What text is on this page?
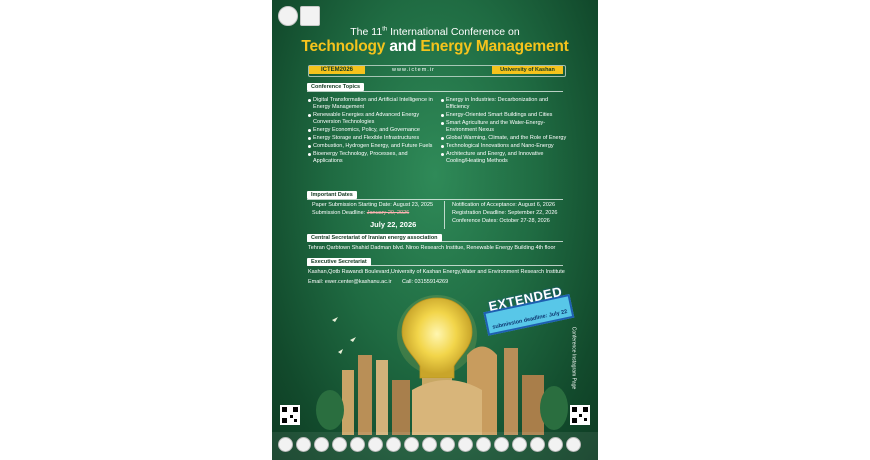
The 11th International Conference on
Technology and Energy Management
ICTEM2026	www.ictem.ir	University of Kashan
Conference Topics
Digital Transformation and Artificial Intelligence in Energy Management
Renewable Energies and Advanced Energy Conversion Technologies
Energy Economics, Policy, and Governance
Energy Storage and Flexible Infrastructures
Combustion, Hydrogen Energy, and Future Fuels
Bioenergy Technology, Processes, and Applications
Energy in Industries: Decarbonization and Efficiency
Energy-Oriented Smart Buildings and Cities
Smart Agriculture and the Water-Energy-Environment Nexus
Global Warming, Climate, and the Role of Energy
Technological Innovations and Nano-Energy
Architecture and Energy, and Innovative Cooling/Heating Methods
Important Dates
Paper Submission Starting Date: August 23, 2025
Submission Deadline: January 20, 2026
July 22, 2026
Notification of Acceptance: August 6, 2026
Registration Deadline: September 22, 2026
Conference Dates: October 27-28, 2026
Central Secretariat of Iranian energy association
Tehran Qarbtown Shahid Dadman blvd. Niroo Research Institue, Renewable Energy Building 4th floor
Executive Secretariat
Kashan,Qotb Rawandi Boulevard,University of Kashan Energy,Water and Environment Research Institute
Email: ewer.center@kashanu.ac.ir Call: 03155914269
EXTENDED
submission deadline: July 22
Conference Telegram Channel	Conference Instagram Page
